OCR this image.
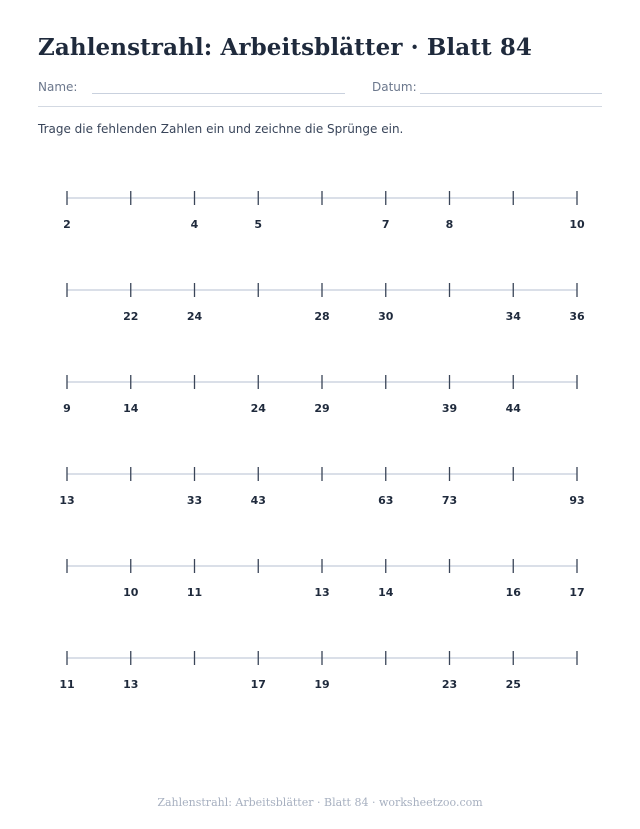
Zahlenstrahl: Arbeitsblätter · Blatt 84
Name:	Datum:
Trage die fehlenden Zahlen ein und zeichne die Sprünge ein.
2	4	5	7	8	10
22	24	28	30	34	36
9	14	24	29	39	44
13	33	43	63	73	93
10	11	13	14	16	17
11	13	17	19	23	25
Zahlenstrahl: Arbeitsblätter · Blatt 84 · worksheetzoo.com
